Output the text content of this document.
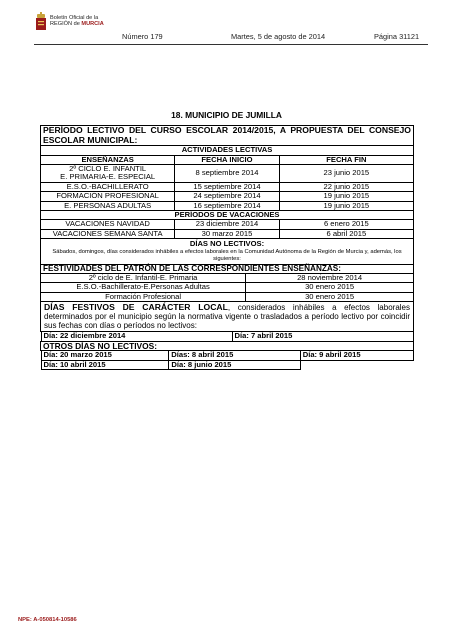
Boletín Oficial de la
REGIÓN de MURCIA
Número 179	Martes, 5 de agosto de 2014	Página 31121
18. MUNICIPIO DE JUMILLA
PERÍODO LECTIVO DEL CURSO ESCOLAR 2014/2015, A PROPUESTA DEL CONSEJO ESCOLAR MUNICIPAL:
ACTIVIDADES LECTIVAS
ENSEÑANZAS	FECHA INICIO	FECHA FIN

2º CICLO E. INFANTIL
E. PRIMARIA-E. ESPECIAL	8 septiembre 2014	23 junio 2015
E.S.O.-BACHILLERATO	15 septiembre 2014	22 junio 2015
FORMACIÓN PROFESIONAL	24 septiembre 2014	19 junio 2015
E. PERSONAS ADULTAS	16 septiembre 2014	19 junio 2015
PERÍODOS DE VACACIONES
VACACIONES NAVIDAD	23 diciembre 2014	6 enero 2015
VACACIONES SEMANA SANTA	30 marzo 2015	6 abril 2015

DÍAS NO LECTIVOS:
Sábados, domingos, días considerados inhábiles a efectos laborales en la Comunidad Autónoma de la Región de Murcia y, además, los siguientes:

FESTIVIDADES DEL PATRÓN DE LAS CORRESPONDIENTES ENSEÑANZAS:
2º ciclo de E. Infantil-E. Primaria	28 noviembre 2014
E.S.O.-Bachillerato-E.Personas Adultas	30 enero 2015
Formación Profesional	30 enero 2015
DÍAS FESTIVOS DE CARÁCTER LOCAL, considerados inhábiles a efectos laborales determinados por el municipio según la normativa vigente o trasladados a período lectivo por coincidir sus fechas con días o períodos no lectivos:

Día: 22 diciembre 2014	Día: 7 abril 2015

OTROS DÍAS NO LECTIVOS:

Día: 20 marzo 2015	Días: 8 abril 2015	Día: 9 abril 2015

Día: 10 abril 2015	Día: 8 junio 2015	
NPE: A-050814-10586
